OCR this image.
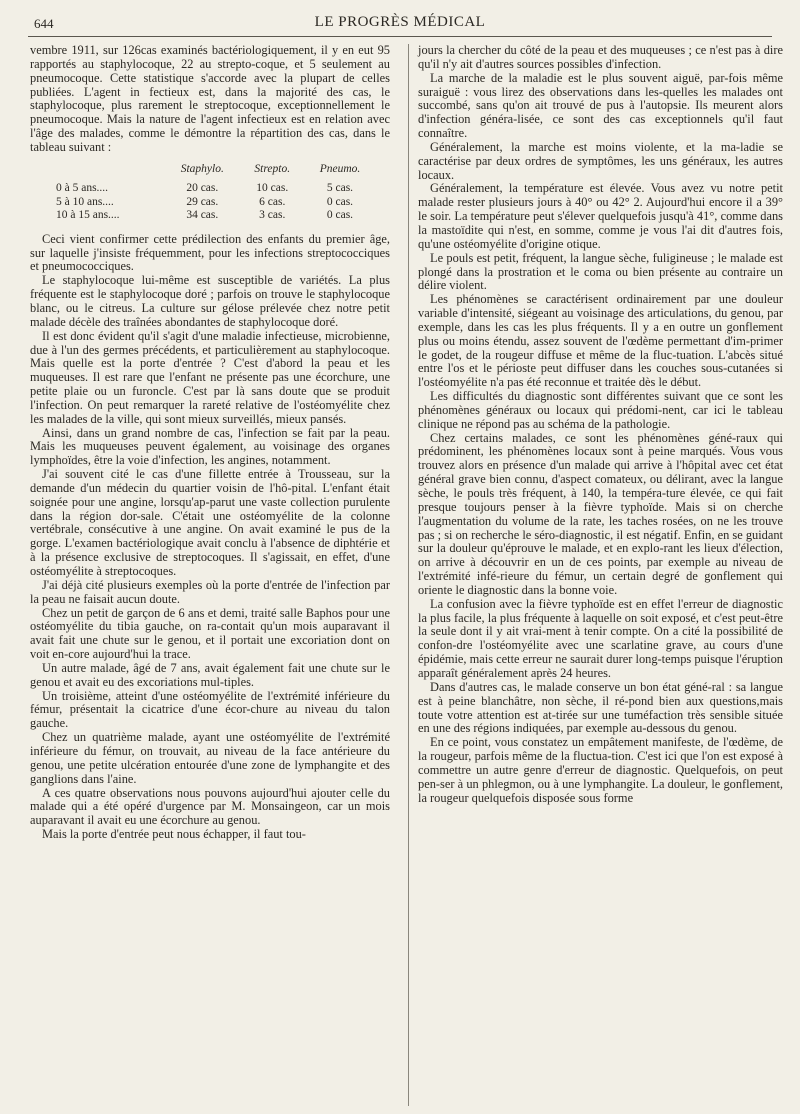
644	LE PROGRÈS MÉDICAL

vembre 1911, sur 126cas examinés bactériologiquement, il y en eut 95 rapportés au staphylocoque, 22 au strepto-coque, et 5 seulement au pneumocoque. Cette statistique s'accorde avec la plupart de celles publiées. L'agent in fectieux est, dans la majorité des cas, le staphylocoque, plus rarement le streptocoque, exceptionnellement le pneumocoque. Mais la nature de l'agent infectieux est en relation avec l'âge des malades, comme le démontre la répartition des cas, dans le tableau suivant :

	Staphylo.	Strepto.	Pneumo.
0 à 5 ans....	20 cas.	10 cas.	5 cas.
5 à 10 ans....	29 cas.	6 cas.	0 cas.
10 à 15 ans....	34 cas.	3 cas.	0 cas.

Ceci vient confirmer cette prédilection des enfants du premier âge, sur laquelle j'insiste fréquemment, pour les infections streptococciques et pneumococciques.

Le staphylocoque lui-même est susceptible de variétés. La plus fréquente est le staphylocoque doré ; parfois on trouve le staphylocoque blanc, ou le citreus. La culture sur gélose prélevée chez notre petit malade décèle des traînées abondantes de staphylocoque doré.

Il est donc évident qu'il s'agit d'une maladie infectieuse, microbienne, due à l'un des germes précédents, et particulièrement au staphylocoque. Mais quelle est la porte d'entrée ? C'est d'abord la peau et les muqueuses. Il est rare que l'enfant ne présente pas une écorchure, une petite plaie ou un furoncle. C'est par là sans doute que se produit l'infection. On peut remarquer la rareté relative de l'ostéomyélite chez les malades de la ville, qui sont mieux surveillés, mieux pansés.

Ainsi, dans un grand nombre de cas, l'infection se fait par la peau. Mais les muqueuses peuvent également, au voisinage des organes lymphoïdes, être la voie d'infection, les angines, notamment.

J'ai souvent cité le cas d'une fillette entrée à Trousseau, sur la demande d'un médecin du quartier voisin de l'hô-pital. L'enfant était soignée pour une angine, lorsqu'ap-parut une vaste collection purulente dans la région dor-sale. C'était une ostéomyélite de la colonne vertébrale, consécutive à une angine. On avait examiné le pus de la gorge. L'examen bactériologique avait conclu à l'absence de diphtérie et à la présence exclusive de streptocoques. Il s'agissait, en effet, d'une ostéomyélite à streptocoques.

J'ai déjà cité plusieurs exemples où la porte d'entrée de l'infection par la peau ne faisait aucun doute.

Chez un petit de garçon de 6 ans et demi, traité salle Baphos pour une ostéomyélite du tibia gauche, on ra-contait qu'un mois auparavant il avait fait une chute sur le genou, et il portait une excoriation dont on voit en-core aujourd'hui la trace.

Un autre malade, âgé de 7 ans, avait également fait une chute sur le genou et avait eu des excoriations mul-tiples.

Un troisième, atteint d'une ostéomyélite de l'extrémité inférieure du fémur, présentait la cicatrice d'une écor-chure au niveau du talon gauche.

Chez un quatrième malade, ayant une ostéomyélite de l'extrémité inférieure du fémur, on trouvait, au niveau de la face antérieure du genou, une petite ulcération entourée d'une zone de lymphangite et des ganglions dans l'aine.

A ces quatre observations nous pouvons aujourd'hui ajouter celle du malade qui a été opéré d'urgence par M. Monsaingeon, car un mois auparavant il avait eu une écorchure au genou.

Mais la porte d'entrée peut nous échapper, il faut tou-

jours la chercher du côté de la peau et des muqueuses ; ce n'est pas à dire qu'il n'y ait d'autres sources possibles d'infection.

La marche de la maladie est le plus souvent aiguë, par-fois même suraiguë : vous lirez des observations dans les-quelles les malades ont succombé, sans qu'on ait trouvé de pus à l'autopsie. Ils meurent alors d'infection généra-lisée, ce sont des cas exceptionnels qu'il faut connaître.

Généralement, la marche est moins violente, et la ma-ladie se caractérise par deux ordres de symptômes, les uns généraux, les autres locaux.

Généralement, la température est élevée. Vous avez vu notre petit malade rester plusieurs jours à 40° ou 42° 2. Aujourd'hui encore il a 39° le soir. La température peut s'élever quelquefois jusqu'à 41°, comme dans la mastoïdite qui n'est, en somme, comme je vous l'ai dit d'autres fois, qu'une ostéomyélite d'origine otique.

Le pouls est petit, fréquent, la langue sèche, fuligineuse ; le malade est plongé dans la prostration et le coma ou bien présente au contraire un délire violent.

Les phénomènes se caractérisent ordinairement par une douleur variable d'intensité, siégeant au voisinage des articulations, du genou, par exemple, dans les cas les plus fréquents. Il y a en outre un gonflement plus ou moins étendu, assez souvent de l'œdème permettant d'im-primer le godet, de la rougeur diffuse et même de la fluc-tuation. L'abcès situé entre l'os et le périoste peut diffuser dans les couches sous-cutanées si l'ostéomyélite n'a pas été reconnue et traitée dès le début.

Les difficultés du diagnostic sont différentes suivant que ce sont les phénomènes généraux ou locaux qui prédomi-nent, car ici le tableau clinique ne répond pas au schéma de la pathologie.

Chez certains malades, ce sont les phénomènes géné-raux qui prédominent, les phénomènes locaux sont à peine marqués. Vous vous trouvez alors en présence d'un malade qui arrive à l'hôpital avec cet état général grave bien connu, d'aspect comateux, ou délirant, avec la langue sèche, le pouls très fréquent, à 140, la tempéra-ture élevée, ce qui fait presque toujours penser à la fièvre typhoïde. Mais si on cherche l'augmentation du volume de la rate, les taches rosées, on ne les trouve pas ; si on recherche le séro-diagnostic, il est négatif. Enfin, en se guidant sur la douleur qu'éprouve le malade, et en explo-rant les lieux d'élection, on arrive à découvrir en un de ces points, par exemple au niveau de l'extrémité infé-rieure du fémur, un certain degré de gonflement qui oriente le diagnostic dans la bonne voie.

La confusion avec la fièvre typhoïde est en effet l'erreur de diagnostic la plus facile, la plus fréquente à laquelle on soit exposé, et c'est peut-être la seule dont il y ait vrai-ment à tenir compte. On a cité la possibilité de confon-dre l'ostéomyélite avec une scarlatine grave, au cours d'une épidémie, mais cette erreur ne saurait durer long-temps puisque l'éruption apparaît généralement après 24 heures.

Dans d'autres cas, le malade conserve un bon état géné-ral : sa langue est à peine blanchâtre, non sèche, il ré-pond bien aux questions,mais toute votre attention est at-tirée sur une tuméfaction très sensible située en une des régions indiquées, par exemple au-dessous du genou.

En ce point, vous constatez un empâtement manifeste, de l'œdème, de la rougeur, parfois même de la fluctua-tion. C'est ici que l'on est exposé à commettre un autre genre d'erreur de diagnostic. Quelquefois, on peut pen-ser à un phlegmon, ou à une lymphangite. La douleur, le gonflement, la rougeur quelquefois disposée sous forme
